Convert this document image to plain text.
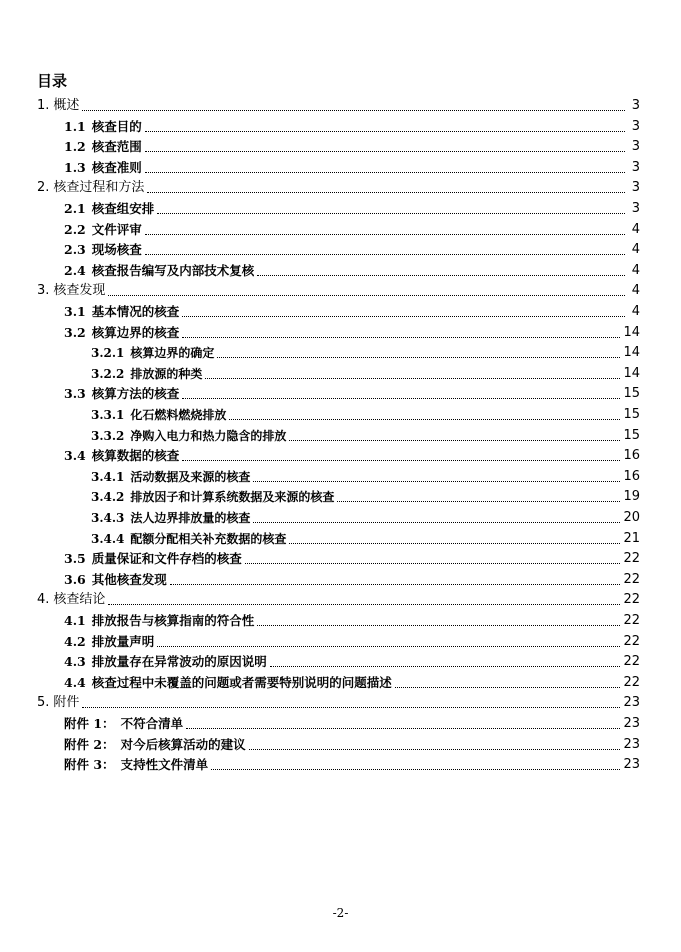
目录
1. 概述	3
1.1 核查目的	3
1.2 核查范围	3
1.3 核查准则	3
2. 核查过程和方法	3
2.1 核查组安排	3
2.2 文件评审	4
2.3 现场核查	4
2.4 核查报告编写及内部技术复核	4
3. 核查发现	4
3.1 基本情况的核查	4
3.2 核算边界的核查	14
3.2.1 核算边界的确定	14
3.2.2 排放源的种类	14
3.3 核算方法的核查	15
3.3.1 化石燃料燃烧排放	15
3.3.2 净购入电力和热力隐含的排放	15
3.4 核算数据的核查	16
3.4.1 活动数据及来源的核查	16
3.4.2 排放因子和计算系统数据及来源的核查	19
3.4.3 法人边界排放量的核查	20
3.4.4 配额分配相关补充数据的核查	21
3.5 质量保证和文件存档的核查	22
3.6 其他核查发现	22
4. 核查结论	22
4.1 排放报告与核算指南的符合性	22
4.2 排放量声明	22
4.3 排放量存在异常波动的原因说明	22
4.4 核查过程中未覆盖的问题或者需要特别说明的问题描述	22
5. 附件	23
附件 1： 不符合清单	23
附件 2： 对今后核算活动的建议	23
附件 3： 支持性文件清单	23
-2-
